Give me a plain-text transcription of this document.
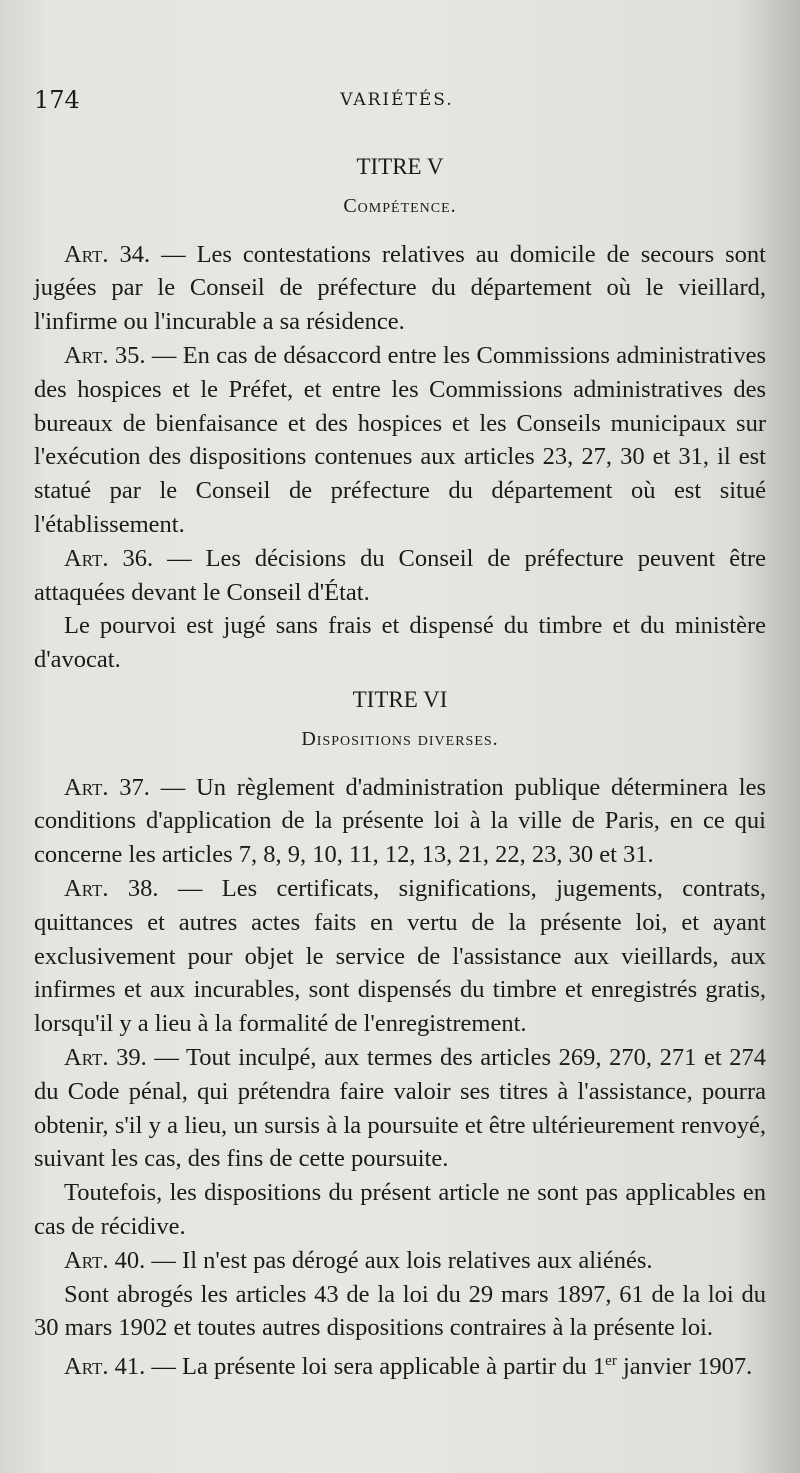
174	VARIÉTÉS.

TITRE V

Compétence.

Art. 34. — Les contestations relatives au domicile de secours sont jugées par le Conseil de préfecture du département où le vieillard, l'infirme ou l'incurable a sa résidence.

Art. 35. — En cas de désaccord entre les Commissions administratives des hospices et le Préfet, et entre les Commissions administratives des bureaux de bienfaisance et des hospices et les Conseils municipaux sur l'exécution des dispositions contenues aux articles 23, 27, 30 et 31, il est statué par le Conseil de préfecture du département où est situé l'établissement.

Art. 36. — Les décisions du Conseil de préfecture peuvent être attaquées devant le Conseil d'État.

Le pourvoi est jugé sans frais et dispensé du timbre et du ministère d'avocat.

TITRE VI

Dispositions diverses.

Art. 37. — Un règlement d'administration publique déterminera les conditions d'application de la présente loi à la ville de Paris, en ce qui concerne les articles 7, 8, 9, 10, 11, 12, 13, 21, 22, 23, 30 et 31.

Art. 38. — Les certificats, significations, jugements, contrats, quittances et autres actes faits en vertu de la présente loi, et ayant exclusivement pour objet le service de l'assistance aux vieillards, aux infirmes et aux incurables, sont dispensés du timbre et enregistrés gratis, lorsqu'il y a lieu à la formalité de l'enregistrement.

Art. 39. — Tout inculpé, aux termes des articles 269, 270, 271 et 274 du Code pénal, qui prétendra faire valoir ses titres à l'assistance, pourra obtenir, s'il y a lieu, un sursis à la poursuite et être ultérieurement renvoyé, suivant les cas, des fins de cette poursuite.

Toutefois, les dispositions du présent article ne sont pas applicables en cas de récidive.

Art. 40. — Il n'est pas dérogé aux lois relatives aux aliénés.

Sont abrogés les articles 43 de la loi du 29 mars 1897, 61 de la loi du 30 mars 1902 et toutes autres dispositions contraires à la présente loi.

Art. 41. — La présente loi sera applicable à partir du 1er janvier 1907.
